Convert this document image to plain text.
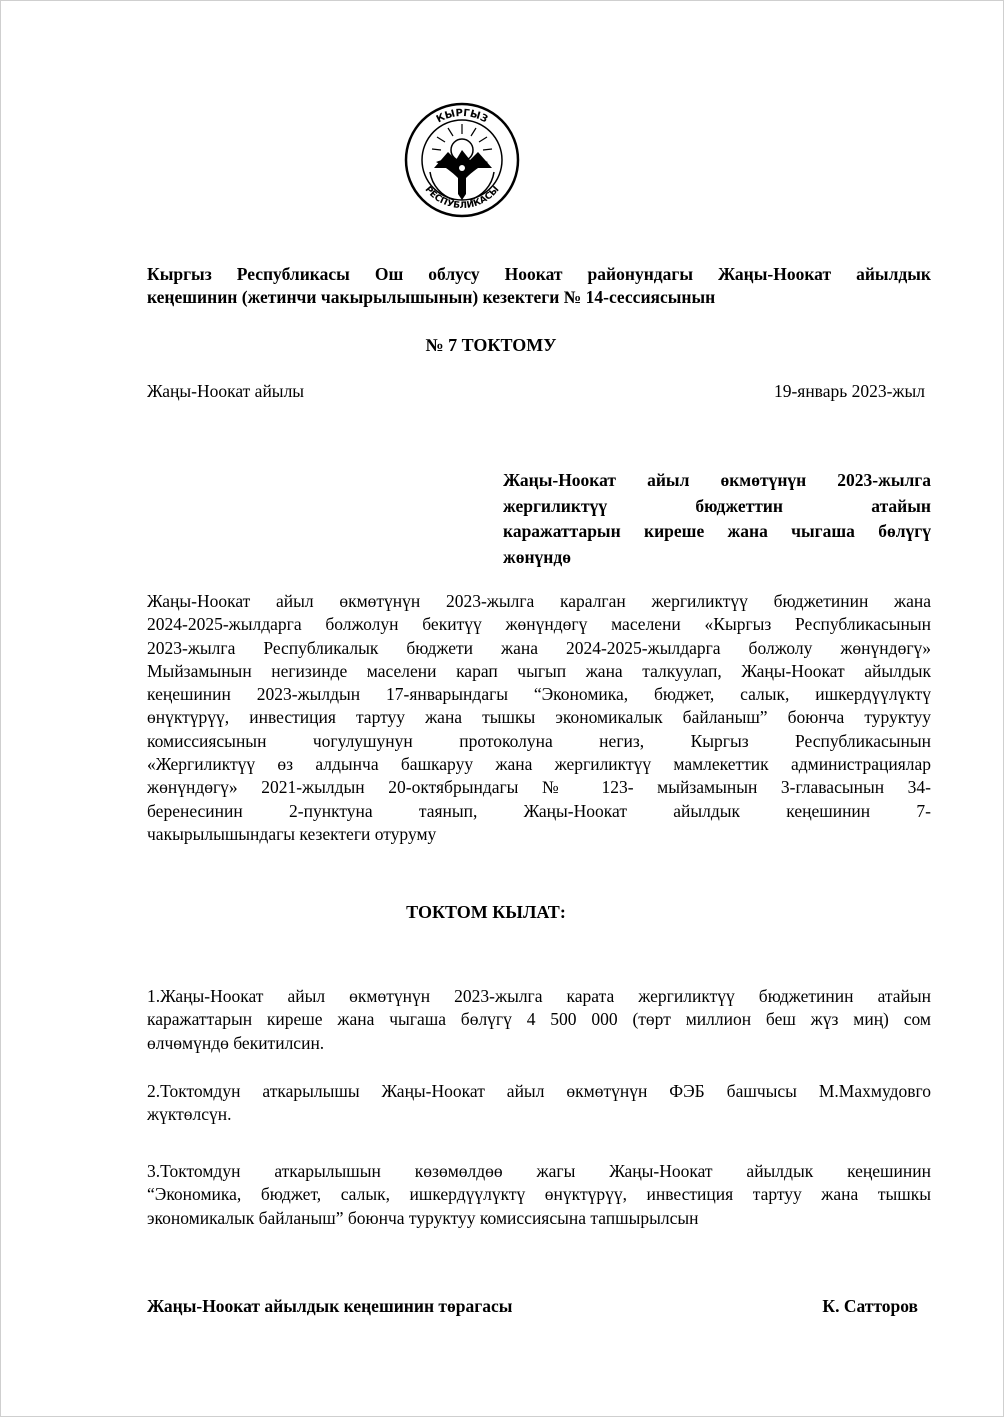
КЫРГЫЗ
РЕСПУБЛИКАСЫ
Кыргыз Республикасы Ош облусу Ноокат районундагы Жаңы-Ноокат айылдык
кеңешинин (жетинчи чакырылышынын) кезектеги № 14-сессиясынын
№ 7 ТОКТОМУ
Жаңы-Ноокат айылы	19-январь 2023-жыл
Жаңы-Ноокат айыл өкмөтүнүн 2023-жылга
жергиликтүү бюджеттин атайын
каражаттарын киреше жана чыгаша бөлүгү
жөнүндө
Жаңы-Ноокат айыл өкмөтүнүн 2023-жылга каралган жергиликтүү бюджетинин жана
2024-2025-жылдарга болжолун бекитүү жөнүндөгү маселени «Кыргыз Республикасынын
2023-жылга Республикалык бюджети жана 2024-2025-жылдарга болжолу жөнүндөгү»
Мыйзамынын негизинде маселени карап чыгып жана талкуулап, Жаңы-Ноокат айылдык
кеңешинин 2023-жылдын 17-январындагы “Экономика, бюджет, салык, ишкердүүлүктү
өнүктүрүү, инвестиция тартуу жана тышкы экономикалык байланыш” боюнча туруктуу
комиссиясынын чогулушунун протоколуна негиз, Кыргыз Республикасынын
«Жергиликтүү өз алдынча башкаруу жана жергиликтүү мамлекеттик администрациялар
жөнүндөгү» 2021-жылдын 20-октябрындагы № 123- мыйзамынын 3-главасынын 34-
беренесинин 2-пунктуна таянып, Жаңы-Ноокат айылдык кеңешинин 7-
чакырылышындагы кезектеги отуруму
ТОКТОМ КЫЛАТ:
1.Жаңы-Ноокат айыл өкмөтүнүн 2023-жылга карата жергиликтүү бюджетинин атайын
каражаттарын киреше жана чыгаша бөлүгү 4 500 000 (төрт миллион беш жүз миң) сом
өлчөмүндө бекитилсин.
2.Токтомдун аткарылышы Жаңы-Ноокат айыл өкмөтүнүн ФЭБ башчысы М.Махмудовго
жүктөлсүн.
3.Токтомдун аткарылышын көзөмөлдөө жагы Жаңы-Ноокат айылдык кеңешинин
“Экономика, бюджет, салык, ишкердүүлүктү өнүктүрүү, инвестиция тартуу жана тышкы
экономикалык байланыш” боюнча туруктуу комиссиясына тапшырылсын
Жаңы-Ноокат айылдык кеңешинин төрагасы	К. Сатторов
